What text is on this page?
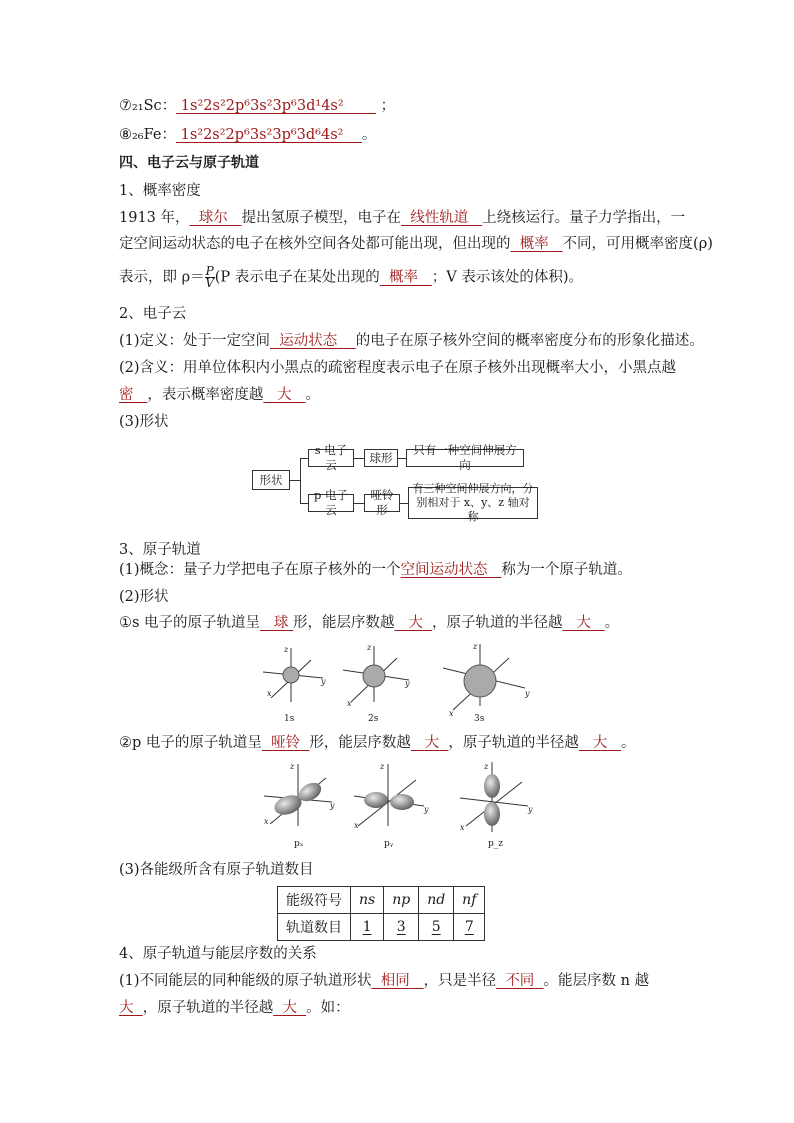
⑦₂₁Sc： 1s²2s²2p⁶3s²3p⁶3d¹4s²	；
⑧₂₆Fe： 1s²2s²2p⁶3s²3p⁶3d⁶4s² 。
四、电子云与原子轨道
1、概率密度
1913 年， 球尔 提出氢原子模型，电子在 线性轨道 上绕核运行。量子力学指出，一
定空间运动状态的电子在核外空间各处都可能出现，但出现的 概率 不同，可用概率密度(ρ)
表示，即 $\rho= \frac{P}{V} (P$ 表示电子在某处出现的 概率 ；V 表示该处的体积)。
2、电子云
(1)定义：处于一定空间 运动状态 的电子在原子核外空间的概率密度分布的形象化描述。
(2)含义：用单位体积内小黑点的疏密程度表示电子在原子核外出现概率大小，小黑点越
密 ，表示概率密度越 大 。
(3)形状
形状
s 电子云
球形
只有一种空间伸展方向
p 电子云
哑铃形
有三种空间伸展方向，分
别相对于 x、y、z 轴对称
3、原子轨道
(1)概念：量子力学把电子在原子核外的一个空间运动状态 称为一个原子轨道。
(2)形状
①s 电子的原子轨道呈 球 形，能层序数越 大 ，原子轨道的半径越 大 。
z
y
x
z
y
x
z
y
x
1s	2s	3s
②p 电子的原子轨道呈 哑铃 形，能层序数越 大 ，原子轨道的半径越 大 。
z
y
x
z
y
x
z
y
x
pₓ	pᵧ	p_z
(3)各能级所含有原子轨道数目
能级符号	ns	np	nd	nf
轨道数目	1	3	5	7
4、原子轨道与能层序数的关系
(1)不同能层的同种能级的原子轨道形状 相同 ，只是半径 不同 。能层序数 n 越
大 ，原子轨道的半径越 大 。如：
